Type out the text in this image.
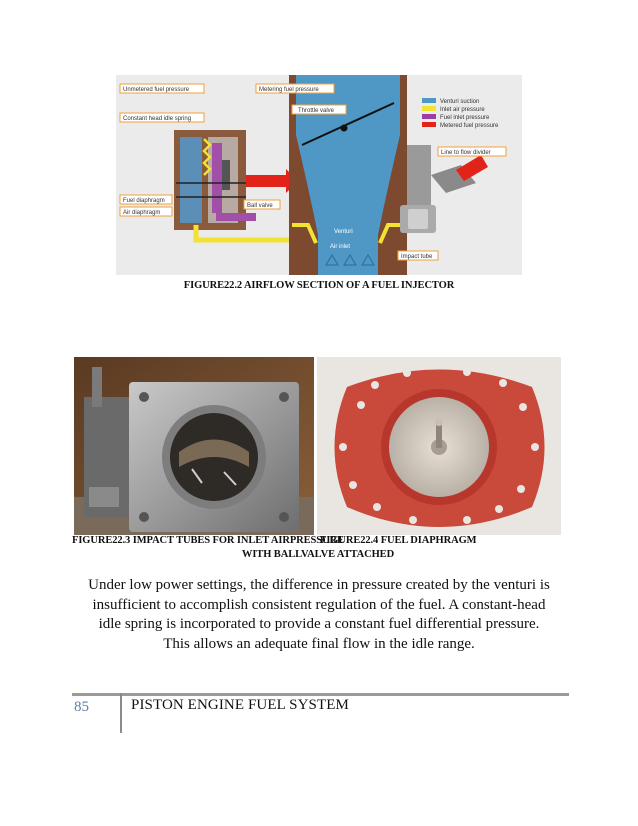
Unmetered fuel pressure	Metering fuel pressure
Throttle valve
Constant head idle spring
Fuel diaphragm
Air diaphragm
Ball valve
Venturi
Air inlet
Line to flow divider
Impact tube
Venturi suction
Inlet air pressure
Fuel inlet pressure
Metered fuel pressure
FIGURE22.2 AIRFLOW SECTION OF A FUEL INJECTOR
FIGURE22.3 IMPACT TUBES FOR INLET AIRPRESSURE
FIGURE22.4 FUEL DIAPHRAGM
WITH BALLVALVE ATTACHED

Under low power settings, the difference in pressure created by the venturi is

insufficient to accomplish consistent regulation of the fuel. A constant-head

idle spring is incorporated to provide a constant fuel differential pressure.

This allows an adequate final flow in the idle range.

85	PISTON ENGINE FUEL SYSTEM
